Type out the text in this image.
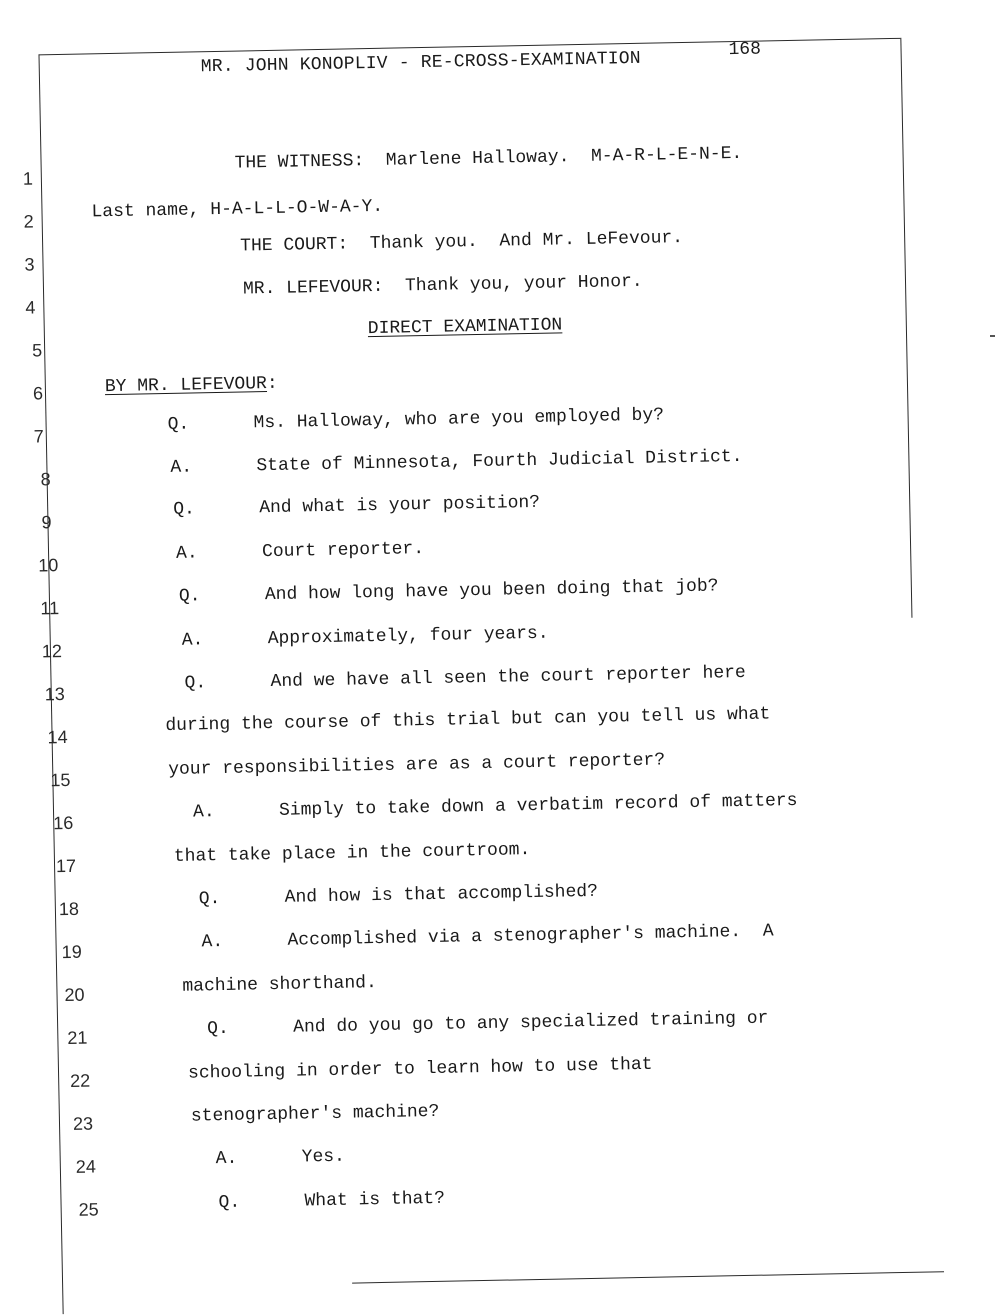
MR. JOHN KONOPLIV - RE-CROSS-EXAMINATION	168
1
THE WITNESS: Marlene Halloway.  M-A-R-L-E-N-E.
2	Last name, H-A-L-L-O-W-A-Y.
3
THE COURT: Thank you.  And Mr. LeFevour.
4
MR. LEFEVOUR: Thank you, your Honor.
5
DIRECT EXAMINATION
6	BY MR. LEFEVOUR:
7
Q.	Ms. Halloway, who are you employed by?
8
A.	State of Minnesota, Fourth Judicial District.
9
Q.	And what is your position?
10
A.	Court reporter.
11
Q.	And how long have you been doing that job?
12
A.	Approximately, four years.
13
Q.	And we have all seen the court reporter here
14
during the course of this trial but can you tell us what
15
your responsibilities are as a court reporter?
16
A.	Simply to take down a verbatim record of matters
17	that take place in the courtroom.
18	Q.	And how is that accomplished?
19	A.	Accomplished via a stenographer's machine.  A
20	machine shorthand.
21	Q.	And do you go to any specialized training or
22	schooling in order to learn how to use that
23	stenographer's machine?
24	A.	Yes.
25	Q.	What is that?
